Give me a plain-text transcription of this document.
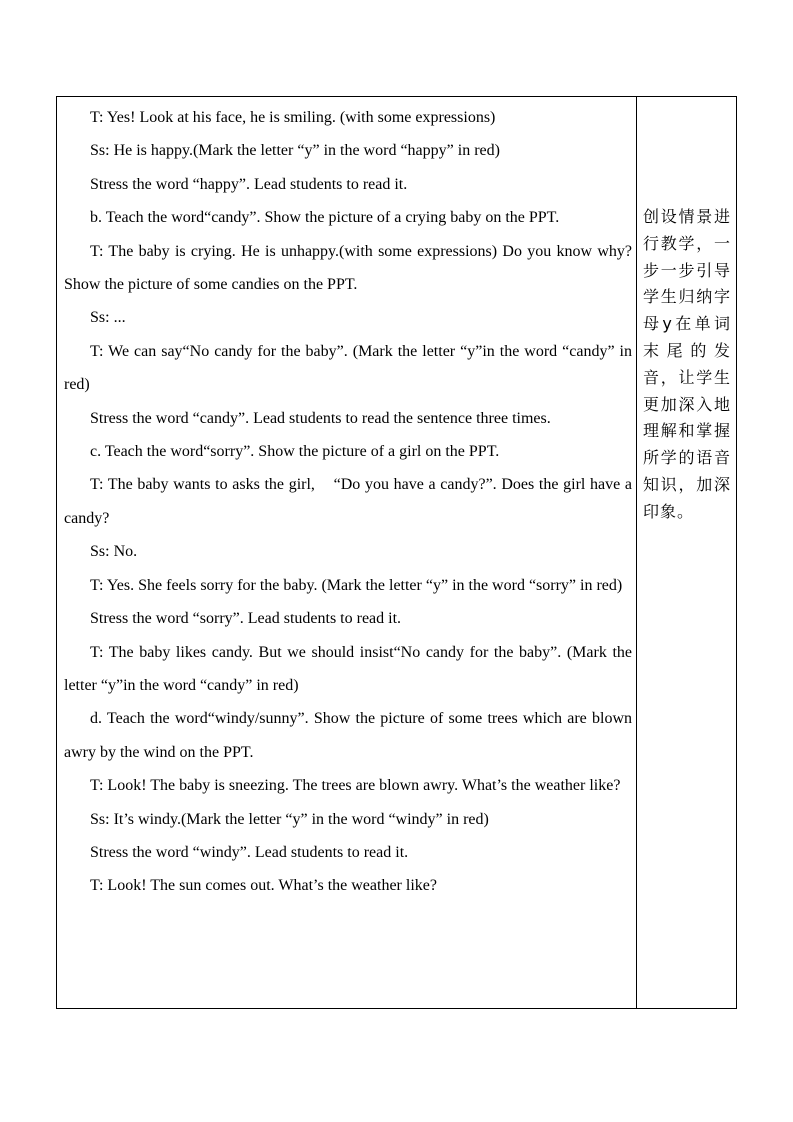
T: Yes! Look at his face, he is smiling. (with some expressions)

Ss: He is happy.(Mark the letter “y” in the word “happy” in red)

Stress the word “happy”. Lead students to read it.

b. Teach the word“candy”. Show the picture of a crying baby on the PPT.

T: The baby is crying. He is unhappy.(with some expressions) Do you know why?Show the picture of some candies on the PPT.

Ss: ...

T: We can say“No candy for the baby”. (Mark the letter “y”in the word “candy” in red)

Stress the word “candy”. Lead students to read the sentence three times.

c. Teach the word“sorry”. Show the picture of a girl on the PPT.

T: The baby wants to asks the girl,    “Do you have a candy?”. Does the girl have a candy?

Ss: No.

T: Yes. She feels sorry for the baby. (Mark the letter “y” in the word “sorry” in red)

Stress the word “sorry”. Lead students to read it.

T: The baby likes candy. But we should insist“No candy for the baby”. (Mark the letter “y”in the word “candy” in red)

d. Teach the word“windy/sunny”. Show the picture of some trees which are blown awry by the wind on the PPT.

T: Look! The baby is sneezing. The trees are blown awry. What’s the weather like?

Ss: It’s windy.(Mark the letter “y” in the word “windy” in red)

Stress the word “windy”. Lead students to read it.

T: Look! The sun comes out. What’s the weather like?

创设情景进行教学，一步一步引导学生归纳字母y在单词末尾的发音，让学生更加深入地理解和掌握所学的语音知识，加深印象。
